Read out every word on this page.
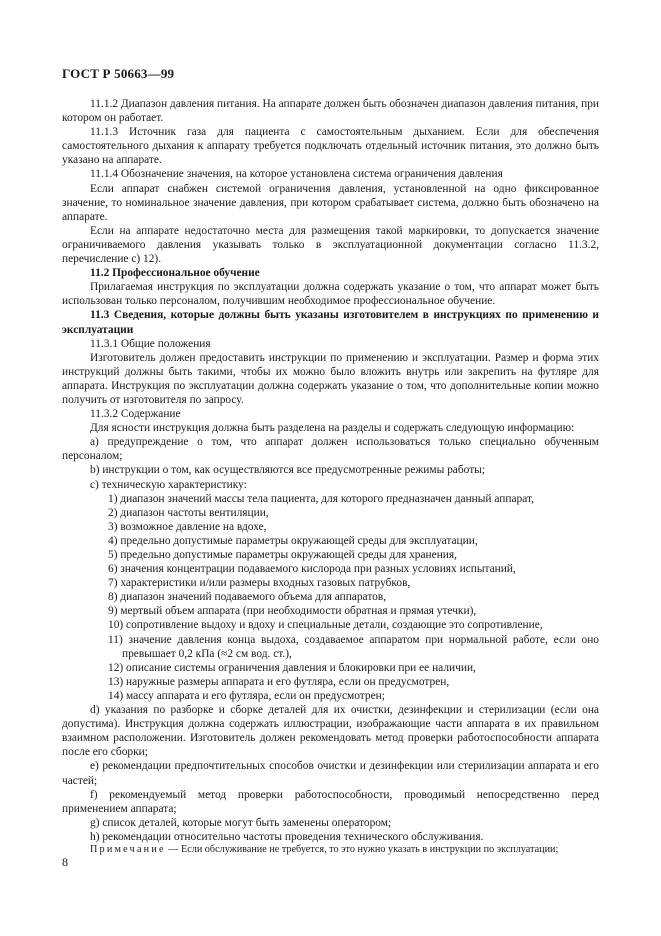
ГОСТ Р 50663—99

11.1.2 Диапазон давления питания. На аппарате должен быть обозначен диапазон давления питания, при котором он работает.

11.1.3 Источник газа для пациента с самостоятельным дыханием. Если для обеспечения самостоятельного дыхания к аппарату требуется подключать отдельный источник питания, это должно быть указано на аппарате.

11.1.4 Обозначение значения, на которое установлена система ограничения давления

Если аппарат снабжен системой ограничения давления, установленной на одно фиксированное значение, то номинальное значение давления, при котором срабатывает система, должно быть обозначено на аппарате.

Если на аппарате недостаточно места для размещения такой маркировки, то допускается значение ограничиваемого давления указывать только в эксплуатационной документации согласно 11.3.2, перечисление с) 12).

11.2 Профессиональное обучение

Прилагаемая инструкция по эксплуатации должна содержать указание о том, что аппарат может быть использован только персоналом, получившим необходимое профессиональное обучение.

11.3 Сведения, которые должны быть указаны изготовителем в инструкциях по применению и эксплуатации

11.3.1 Общие положения

Изготовитель должен предоставить инструкции по применению и эксплуатации. Размер и форма этих инструкций должны быть такими, чтобы их можно было вложить внутрь или закрепить на футляре для аппарата. Инструкция по эксплуатации должна содержать указание о том, что дополнительные копии можно получить от изготовителя по запросу.

11.3.2 Содержание

Для ясности инструкция должна быть разделена на разделы и содержать следующую информацию:

а) предупреждение о том, что аппарат должен использоваться только специально обученным персоналом;

b) инструкции о том, как осуществляются все предусмотренные режимы работы;

с) техническую характеристику:

1) диапазон значений массы тела пациента, для которого предназначен данный аппарат,

2) диапазон частоты вентиляции,

3) возможное давление на вдохе,

4) предельно допустимые параметры окружающей среды для эксплуатации,

5) предельно допустимые параметры окружающей среды для хранения,

6) значения концентрации подаваемого кислорода при разных условиях испытаний,

7) характеристики и/или размеры входных газовых патрубков,

8) диапазон значений подаваемого объема для аппаратов,

9) мертвый объем аппарата (при необходимости обратная и прямая утечки),

10) сопротивление выдоху и вдоху и специальные детали, создающие это сопротивление,

11) значение давления конца выдоха, создаваемое аппаратом при нормальной работе, если оно превышает 0,2 кПа (≈2 см вод. ст.),

12) описание системы ограничения давления и блокировки при ее наличии,

13) наружные размеры аппарата и его футляра, если он предусмотрен,

14) массу аппарата и его футляра, если он предусмотрен;

d) указания по разборке и сборке деталей для их очистки, дезинфекции и стерилизации (если она допустима). Инструкция должна содержать иллюстрации, изображающие части аппарата в их правильном взаимном расположении. Изготовитель должен рекомендовать метод проверки работоспособности аппарата после его сборки;

е) рекомендации предпочтительных способов очистки и дезинфекции или стерилизации аппарата и его частей;

f) рекомендуемый метод проверки работоспособности, проводимый непосредственно перед применением аппарата;

g) список деталей, которые могут быть заменены оператором;

h) рекомендации относительно частоты проведения технического обслуживания.

Примечание — Если обслуживание не требуется, то это нужно указать в инструкции по эксплуатации;

8
